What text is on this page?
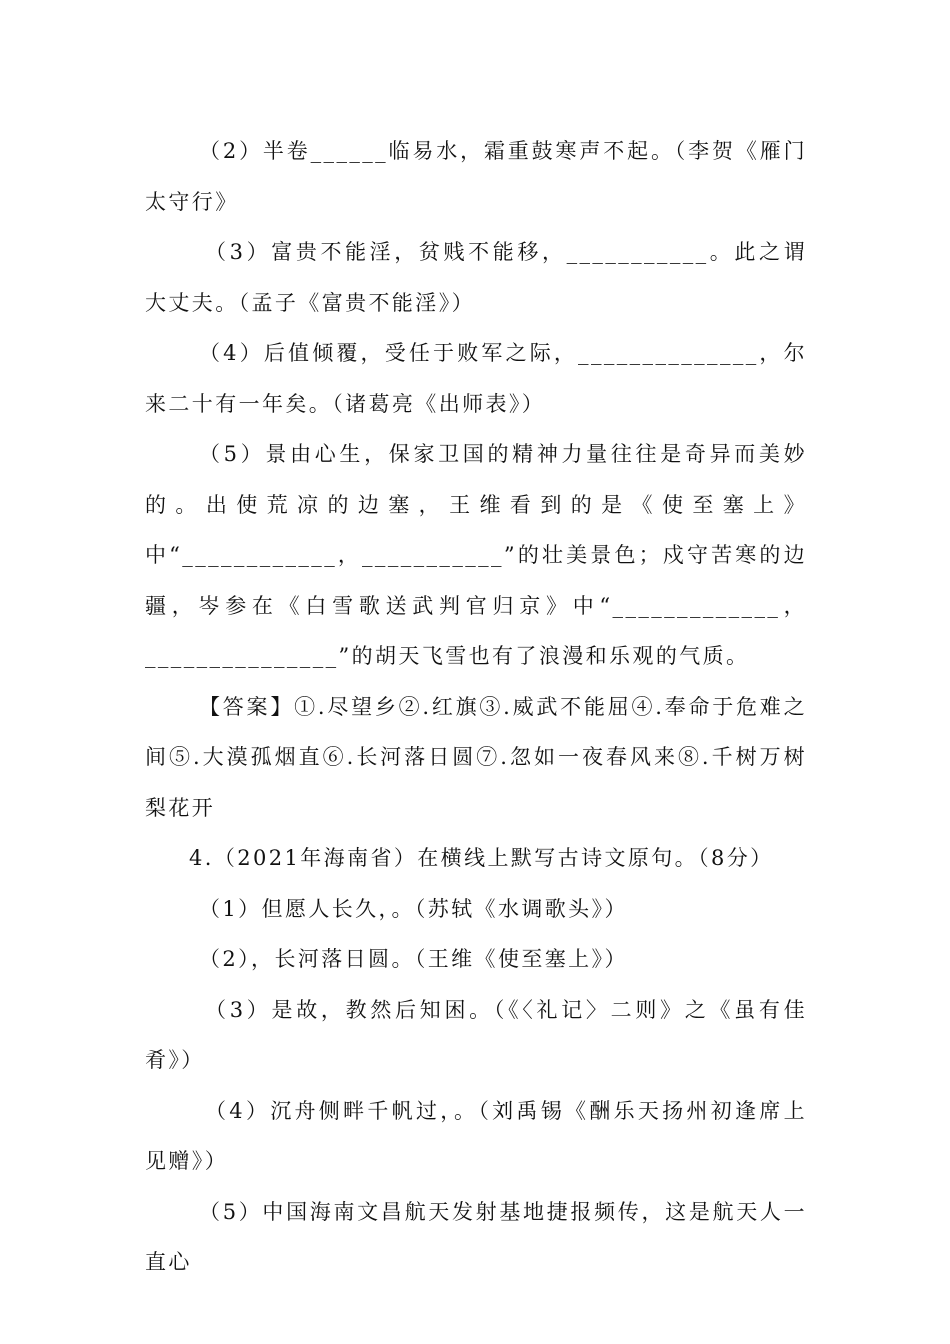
（2）半卷______临易水，霜重鼓寒声不起。（李贺《雁门太守行》

（3）富贵不能淫，贫贱不能移，___________。此之谓大丈夫。（孟子《富贵不能淫》）

（4）后值倾覆，受任于败军之际，______________，尔来二十有一年矣。（诸葛亮《出师表》）

（5）景由心生，保家卫国的精神力量往往是奇异而美妙的。出使荒凉的边塞，王维看到的是《使至塞上》中“____________，___________”的壮美景色；戍守苦寒的边疆，岑参在《白雪歌送武判官归京》中“_____________，_______________”的胡天飞雪也有了浪漫和乐观的气质。

【答案】①.尽望乡②.红旗③.威武不能屈④.奉命于危难之间⑤.大漠孤烟直⑥.长河落日圆⑦.忽如一夜春风来⑧.千树万树梨花开

4.（2021年海南省）在横线上默写古诗文原句。（8分）

（1）但愿人长久，。（苏轼《水调歌头》）

（2），长河落日圆。（王维《使至塞上》）

（3）是故，教然后知困。（《〈礼记〉二则》之《虽有佳肴》）

（4）沉舟侧畔千帆过，。（刘禹锡《酬乐天扬州初逢席上见赠》）

（5）中国海南文昌航天发射基地捷报频传，这是航天人一直心
